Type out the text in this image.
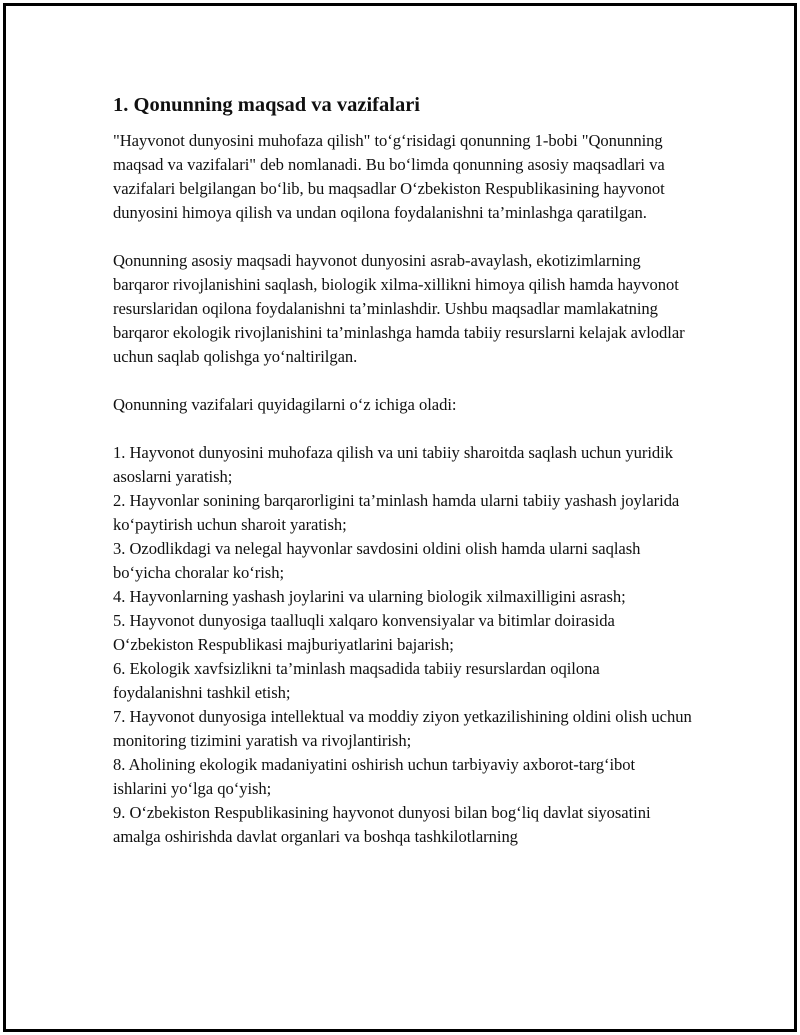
1. Qonunning maqsad va vazifalari

"Hayvonot dunyosini muhofaza qilish" to‘g‘risidagi qonunning 1-bobi "Qonunning maqsad va vazifalari" deb nomlanadi. Bu bo‘limda qonunning asosiy maqsadlari va vazifalari belgilangan bo‘lib, bu maqsadlar O‘zbekiston Respublikasining hayvonot dunyosini himoya qilish va undan oqilona foydalanishni ta’minlashga qaratilgan.

Qonunning asosiy maqsadi hayvonot dunyosini asrab-avaylash, ekotizimlarning barqaror rivojlanishini saqlash, biologik xilma-xillikni himoya qilish hamda hayvonot resurslaridan oqilona foydalanishni ta’minlashdir. Ushbu maqsadlar mamlakatning barqaror ekologik rivojlanishini ta’minlashga hamda tabiiy resurslarni kelajak avlodlar uchun saqlab qolishga yo‘naltirilgan.

Qonunning vazifalari quyidagilarni o‘z ichiga oladi:

1. Hayvonot dunyosini muhofaza qilish va uni tabiiy sharoitda saqlash uchun yuridik asoslarni yaratish;
2. Hayvonlar sonining barqarorligini ta’minlash hamda ularni tabiiy yashash joylarida ko‘paytirish uchun sharoit yaratish;
3. Ozodlikdagi va nelegal hayvonlar savdosini oldini olish hamda ularni saqlash bo‘yicha choralar ko‘rish;
4. Hayvonlarning yashash joylarini va ularning biologik xilmaxilligini asrash;
5. Hayvonot dunyosiga taalluqli xalqaro konvensiyalar va bitimlar doirasida O‘zbekiston Respublikasi majburiyatlarini bajarish;
6. Ekologik xavfsizlikni ta’minlash maqsadida tabiiy resurslardan oqilona foydalanishni tashkil etish;
7. Hayvonot dunyosiga intellektual va moddiy ziyon yetkazilishining oldini olish uchun monitoring tizimini yaratish va rivojlantirish;
8. Aholining ekologik madaniyatini oshirish uchun tarbiyaviy axborot-targ‘ibot ishlarini yo‘lga qo‘yish;
9. O‘zbekiston Respublikasining hayvonot dunyosi bilan bog‘liq davlat siyosatini amalga oshirishda davlat organlari va boshqa tashkilotlarning
